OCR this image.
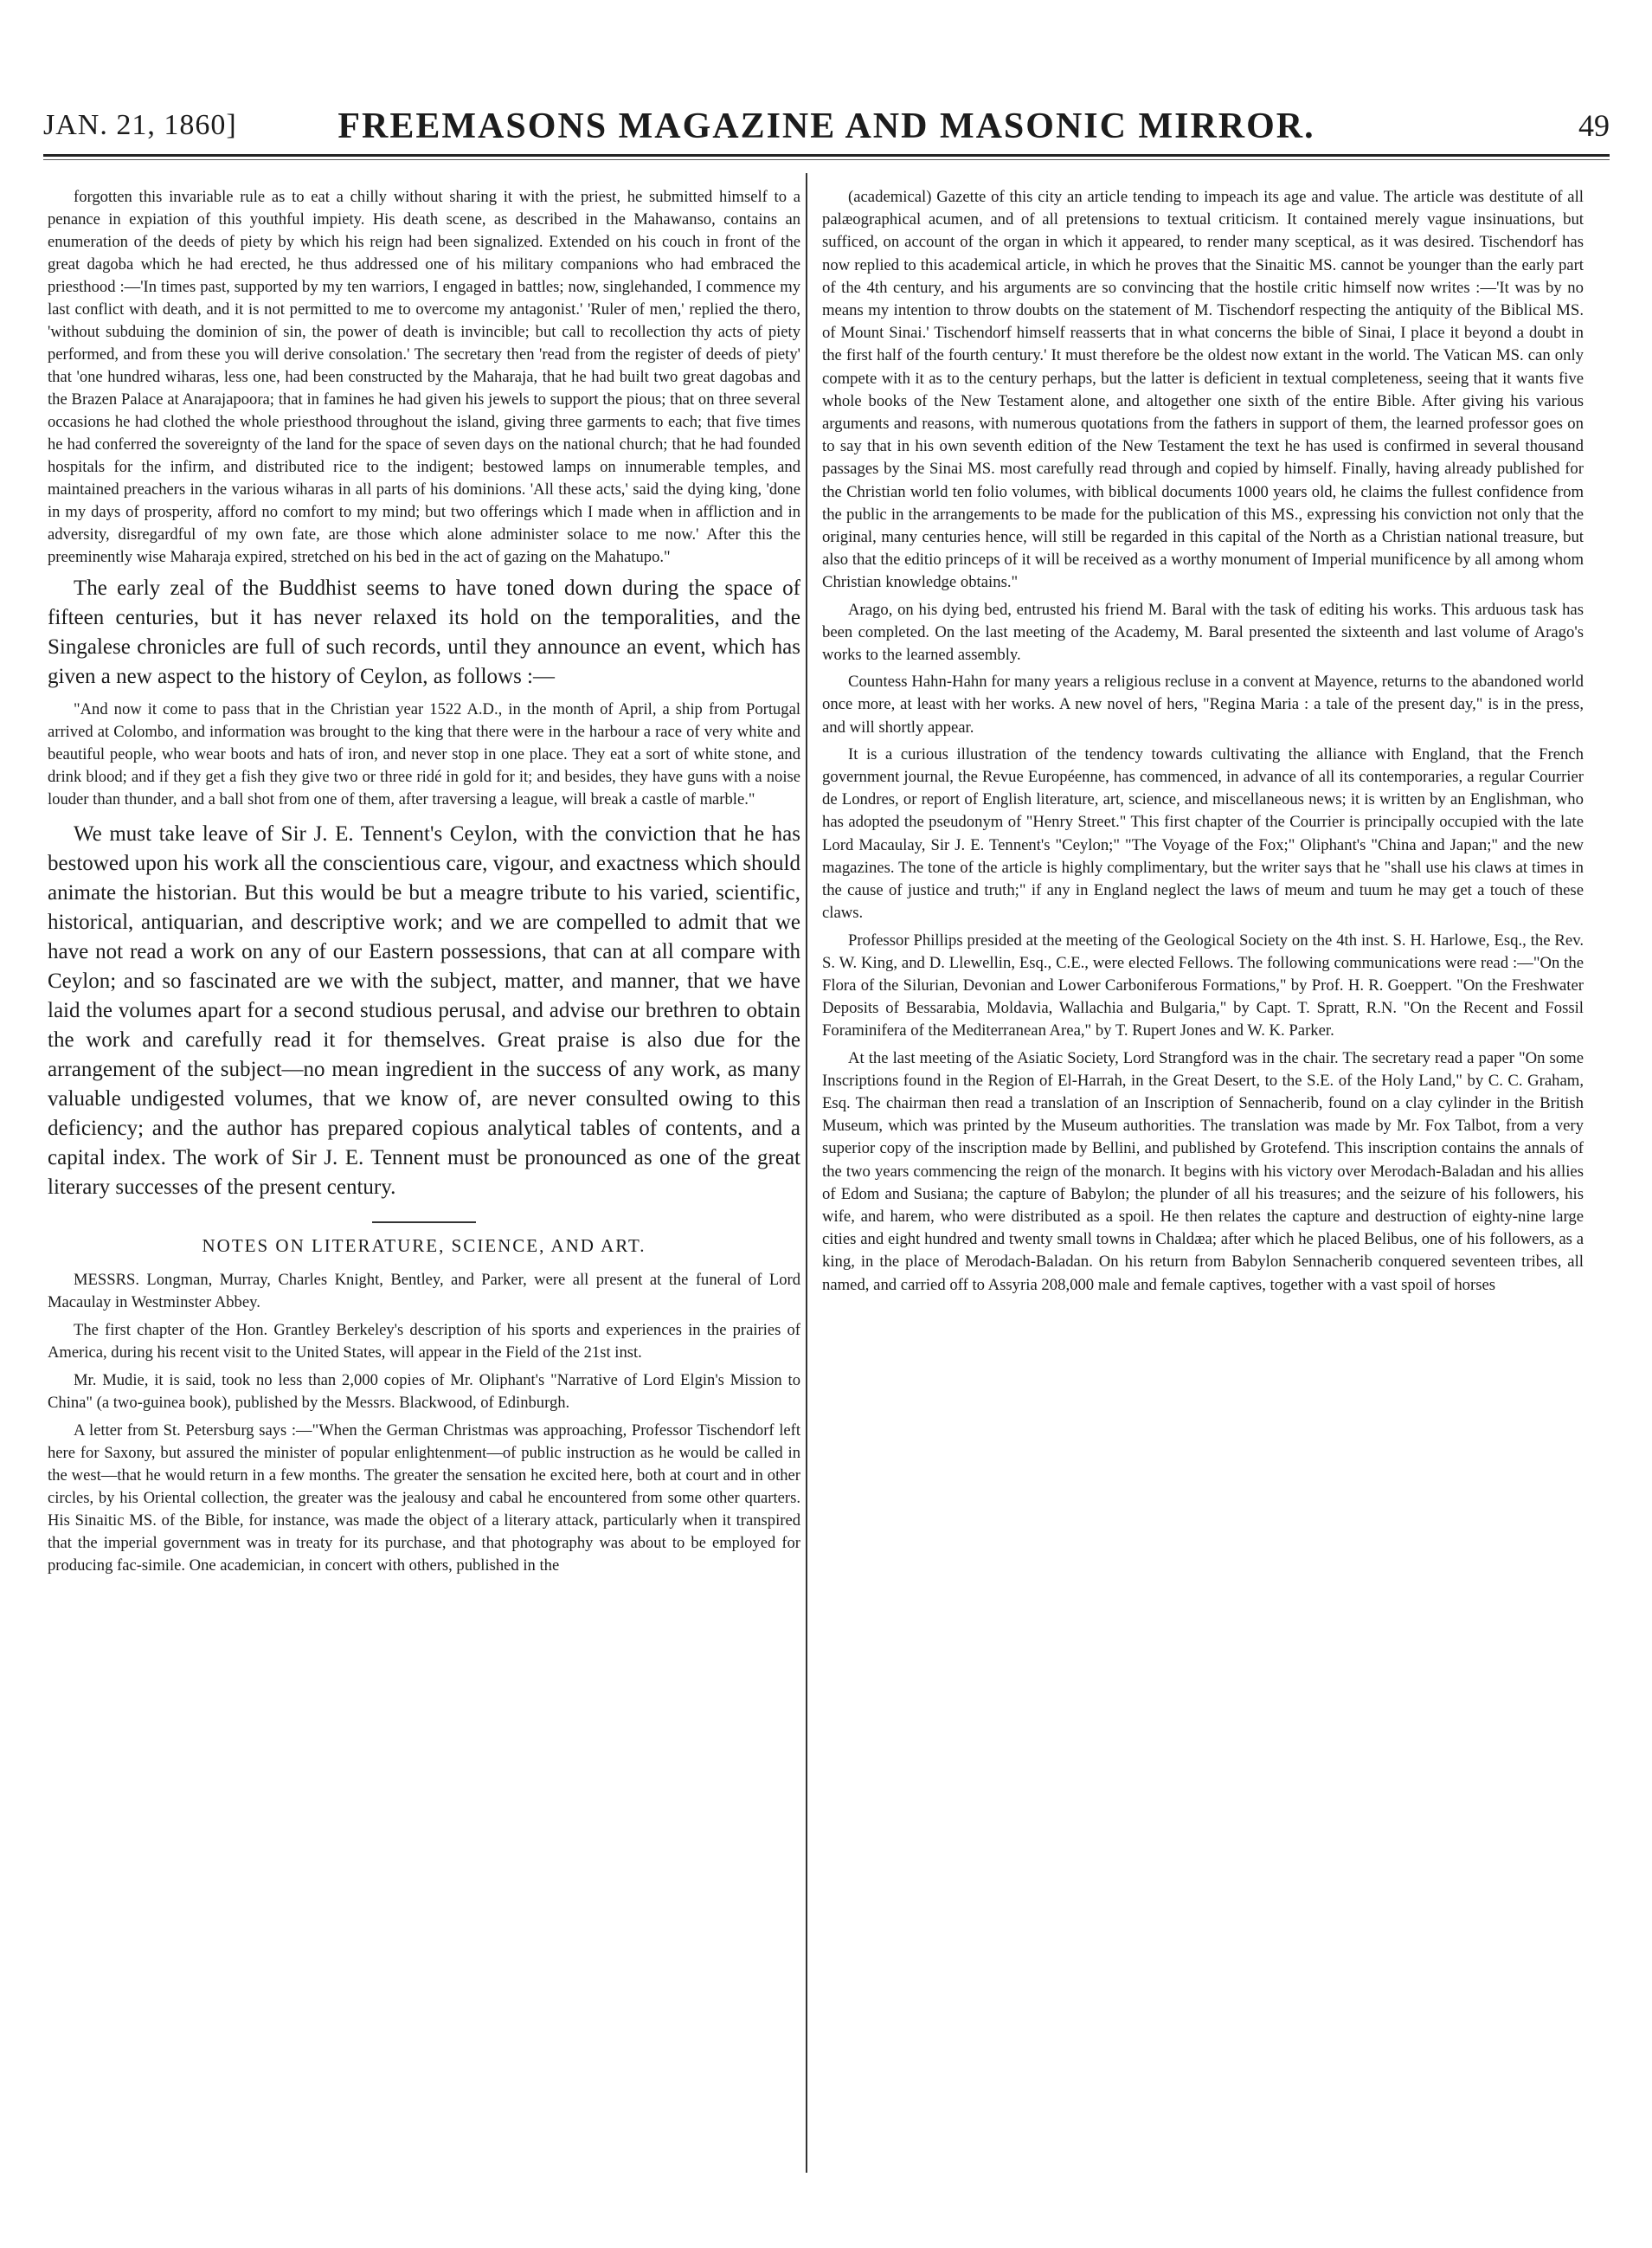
JAN. 21, 1860]	FREEMASONS MAGAZINE AND MASONIC MIRROR.	49

forgotten this invariable rule as to eat a chilly without sharing it with the priest, he submitted himself to a penance in expiation of this youthful impiety. His death scene, as described in the Mahawanso, contains an enumeration of the deeds of piety by which his reign had been signalized. Extended on his couch in front of the great dagoba which he had erected, he thus addressed one of his military companions who had embraced the priesthood :—'In times past, supported by my ten warriors, I engaged in battles; now, singlehanded, I commence my last conflict with death, and it is not permitted to me to overcome my antagonist.' 'Ruler of men,' replied the thero, 'without subduing the dominion of sin, the power of death is invincible; but call to recollection thy acts of piety performed, and from these you will derive consolation.' The secretary then 'read from the register of deeds of piety' that 'one hundred wiharas, less one, had been constructed by the Maharaja, that he had built two great dagobas and the Brazen Palace at Anarajapoora; that in famines he had given his jewels to support the pious; that on three several occasions he had clothed the whole priesthood throughout the island, giving three garments to each; that five times he had conferred the sovereignty of the land for the space of seven days on the national church; that he had founded hospitals for the infirm, and distributed rice to the indigent; bestowed lamps on innumerable temples, and maintained preachers in the various wiharas in all parts of his dominions. 'All these acts,' said the dying king, 'done in my days of prosperity, afford no comfort to my mind; but two offerings which I made when in affliction and in adversity, disregardful of my own fate, are those which alone administer solace to me now.' After this the preeminently wise Maharaja expired, stretched on his bed in the act of gazing on the Mahatupo."

The early zeal of the Buddhist seems to have toned down during the space of fifteen centuries, but it has never relaxed its hold on the temporalities, and the Singalese chronicles are full of such records, until they announce an event, which has given a new aspect to the history of Ceylon, as follows :—

"And now it come to pass that in the Christian year 1522 A.D., in the month of April, a ship from Portugal arrived at Colombo, and information was brought to the king that there were in the harbour a race of very white and beautiful people, who wear boots and hats of iron, and never stop in one place. They eat a sort of white stone, and drink blood; and if they get a fish they give two or three ridé in gold for it; and besides, they have guns with a noise louder than thunder, and a ball shot from one of them, after traversing a league, will break a castle of marble."

We must take leave of Sir J. E. Tennent's Ceylon, with the conviction that he has bestowed upon his work all the conscientious care, vigour, and exactness which should animate the historian. But this would be but a meagre tribute to his varied, scientific, historical, antiquarian, and descriptive work; and we are compelled to admit that we have not read a work on any of our Eastern possessions, that can at all compare with Ceylon; and so fascinated are we with the subject, matter, and manner, that we have laid the volumes apart for a second studious perusal, and advise our brethren to obtain the work and carefully read it for themselves. Great praise is also due for the arrangement of the subject—no mean ingredient in the success of any work, as many valuable undigested volumes, that we know of, are never consulted owing to this deficiency; and the author has prepared copious analytical tables of contents, and a capital index. The work of Sir J. E. Tennent must be pronounced as one of the great literary successes of the present century.

NOTES ON LITERATURE, SCIENCE, AND ART.

MESSRS. Longman, Murray, Charles Knight, Bentley, and Parker, were all present at the funeral of Lord Macaulay in Westminster Abbey.

The first chapter of the Hon. Grantley Berkeley's description of his sports and experiences in the prairies of America, during his recent visit to the United States, will appear in the Field of the 21st inst.

Mr. Mudie, it is said, took no less than 2,000 copies of Mr. Oliphant's "Narrative of Lord Elgin's Mission to China" (a two-guinea book), published by the Messrs. Blackwood, of Edinburgh.

A letter from St. Petersburg says :—"When the German Christmas was approaching, Professor Tischendorf left here for Saxony, but assured the minister of popular enlightenment—of public instruction as he would be called in the west—that he would return in a few months. The greater the sensation he excited here, both at court and in other circles, by his Oriental collection, the greater was the jealousy and cabal he encountered from some other quarters. His Sinaitic MS. of the Bible, for instance, was made the object of a literary attack, particularly when it transpired that the imperial government was in treaty for its purchase, and that photography was about to be employed for producing fac-simile. One academician, in concert with others, published in the

(academical) Gazette of this city an article tending to impeach its age and value. The article was destitute of all palæographical acumen, and of all pretensions to textual criticism. It contained merely vague insinuations, but sufficed, on account of the organ in which it appeared, to render many sceptical, as it was desired. Tischendorf has now replied to this academical article, in which he proves that the Sinaitic MS. cannot be younger than the early part of the 4th century, and his arguments are so convincing that the hostile critic himself now writes :—'It was by no means my intention to throw doubts on the statement of M. Tischendorf respecting the antiquity of the Biblical MS. of Mount Sinai.' Tischendorf himself reasserts that in what concerns the bible of Sinai, I place it beyond a doubt in the first half of the fourth century.' It must therefore be the oldest now extant in the world. The Vatican MS. can only compete with it as to the century perhaps, but the latter is deficient in textual completeness, seeing that it wants five whole books of the New Testament alone, and altogether one sixth of the entire Bible. After giving his various arguments and reasons, with numerous quotations from the fathers in support of them, the learned professor goes on to say that in his own seventh edition of the New Testament the text he has used is confirmed in several thousand passages by the Sinai MS. most carefully read through and copied by himself. Finally, having already published for the Christian world ten folio volumes, with biblical documents 1000 years old, he claims the fullest confidence from the public in the arrangements to be made for the publication of this MS., expressing his conviction not only that the original, many centuries hence, will still be regarded in this capital of the North as a Christian national treasure, but also that the editio princeps of it will be received as a worthy monument of Imperial munificence by all among whom Christian knowledge obtains."

Arago, on his dying bed, entrusted his friend M. Baral with the task of editing his works. This arduous task has been completed. On the last meeting of the Academy, M. Baral presented the sixteenth and last volume of Arago's works to the learned assembly.

Countess Hahn-Hahn for many years a religious recluse in a convent at Mayence, returns to the abandoned world once more, at least with her works. A new novel of hers, "Regina Maria : a tale of the present day," is in the press, and will shortly appear.

It is a curious illustration of the tendency towards cultivating the alliance with England, that the French government journal, the Revue Européenne, has commenced, in advance of all its contemporaries, a regular Courrier de Londres, or report of English literature, art, science, and miscellaneous news; it is written by an Englishman, who has adopted the pseudonym of "Henry Street." This first chapter of the Courrier is principally occupied with the late Lord Macaulay, Sir J. E. Tennent's "Ceylon;" "The Voyage of the Fox;" Oliphant's "China and Japan;" and the new magazines. The tone of the article is highly complimentary, but the writer says that he "shall use his claws at times in the cause of justice and truth;" if any in England neglect the laws of meum and tuum he may get a touch of these claws.

Professor Phillips presided at the meeting of the Geological Society on the 4th inst. S. H. Harlowe, Esq., the Rev. S. W. King, and D. Llewellin, Esq., C.E., were elected Fellows. The following communications were read :—"On the Flora of the Silurian, Devonian and Lower Carboniferous Formations," by Prof. H. R. Goeppert. "On the Freshwater Deposits of Bessarabia, Moldavia, Wallachia and Bulgaria," by Capt. T. Spratt, R.N. "On the Recent and Fossil Foraminifera of the Mediterranean Area," by T. Rupert Jones and W. K. Parker.

At the last meeting of the Asiatic Society, Lord Strangford was in the chair. The secretary read a paper "On some Inscriptions found in the Region of El-Harrah, in the Great Desert, to the S.E. of the Holy Land," by C. C. Graham, Esq. The chairman then read a translation of an Inscription of Sennacherib, found on a clay cylinder in the British Museum, which was printed by the Museum authorities. The translation was made by Mr. Fox Talbot, from a very superior copy of the inscription made by Bellini, and published by Grotefend. This inscription contains the annals of the two years commencing the reign of the monarch. It begins with his victory over Merodach-Baladan and his allies of Edom and Susiana; the capture of Babylon; the plunder of all his treasures; and the seizure of his followers, his wife, and harem, who were distributed as a spoil. He then relates the capture and destruction of eighty-nine large cities and eight hundred and twenty small towns in Chaldæa; after which he placed Belibus, one of his followers, as a king, in the place of Merodach-Baladan. On his return from Babylon Sennacherib conquered seventeen tribes, all named, and carried off to Assyria 208,000 male and female captives, together with a vast spoil of horses
